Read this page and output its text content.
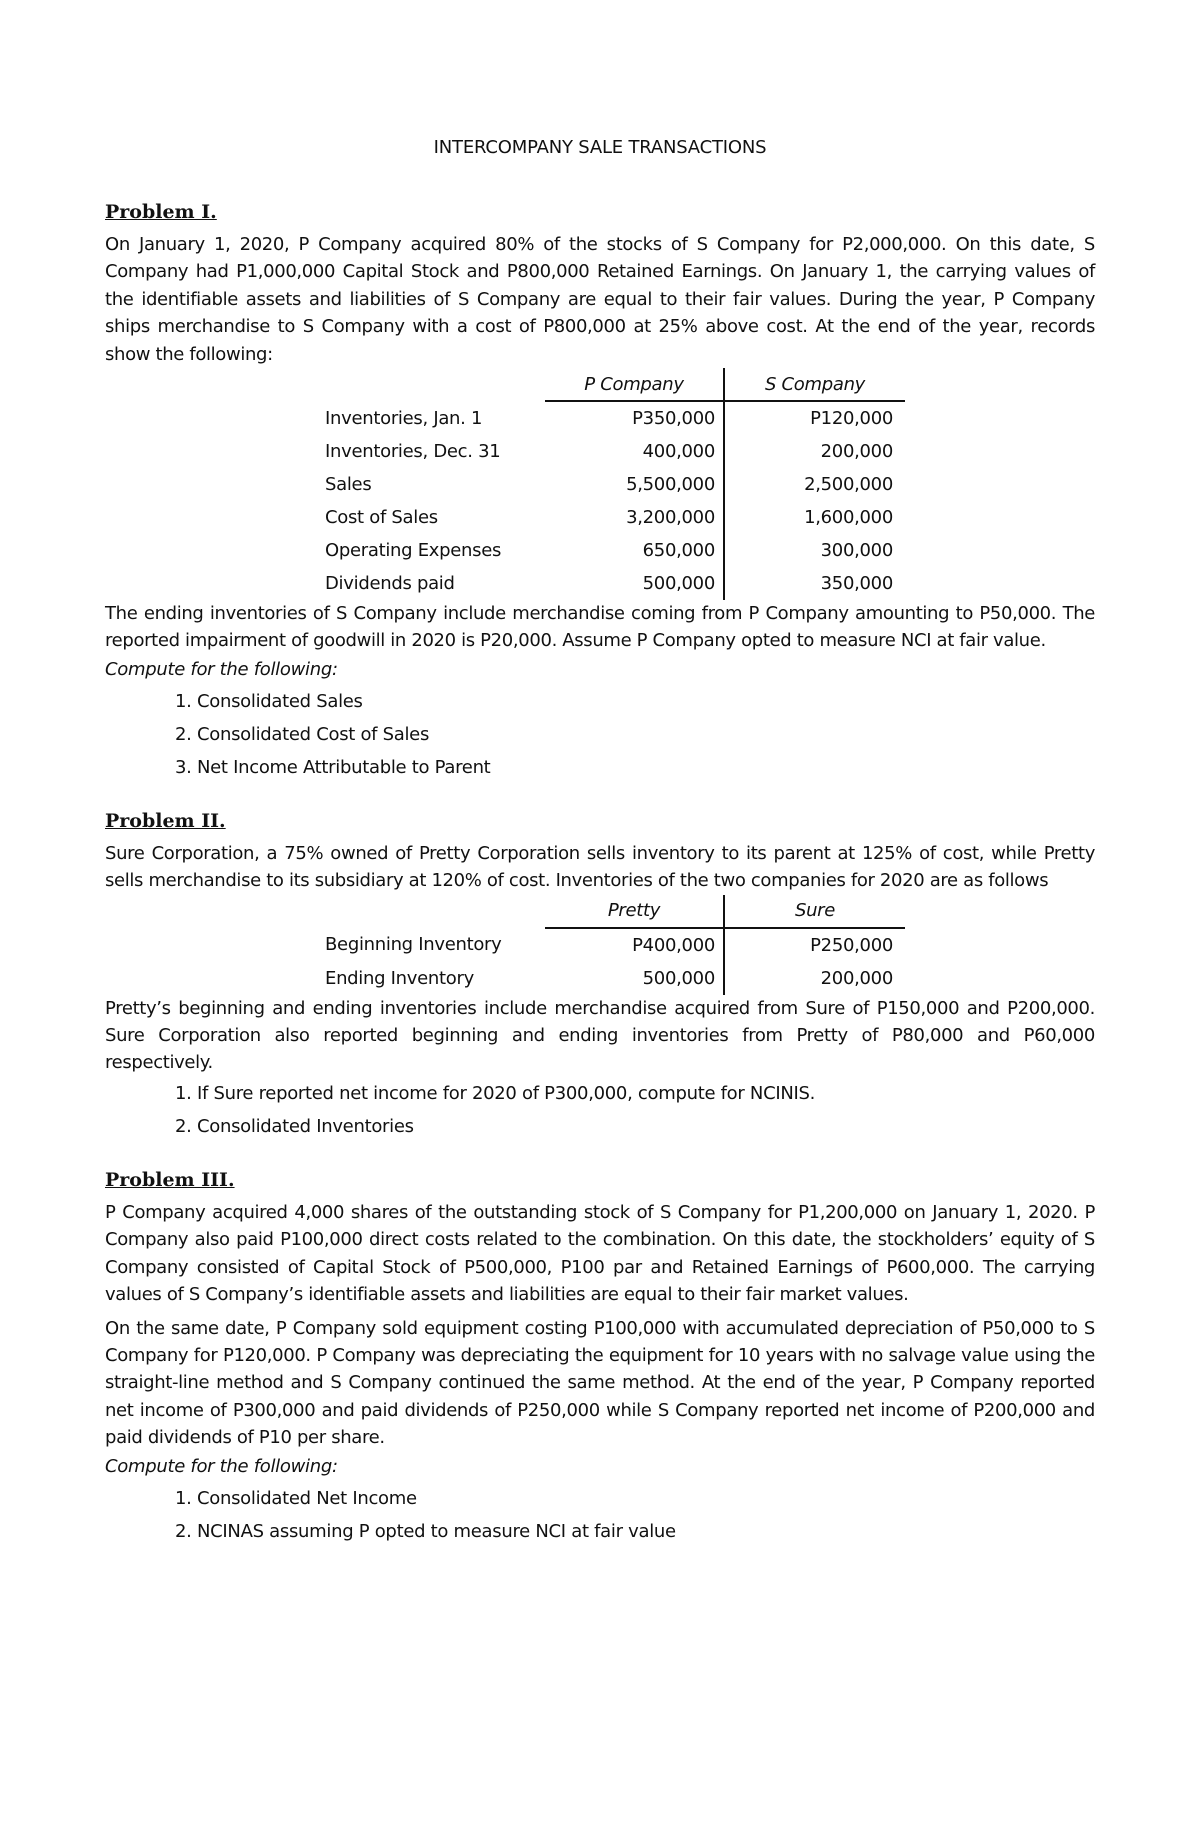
INTERCOMPANY SALE TRANSACTIONS
Problem I.

On January 1, 2020, P Company acquired 80% of the stocks of S Company for P2,000,000. On this date, S Company had P1,000,000 Capital Stock and P800,000 Retained Earnings. On January 1, the carrying values of the identifiable assets and liabilities of S Company are equal to their fair values. During the year, P Company ships merchandise to S Company with a cost of P800,000 at 25% above cost. At the end of the year, records show the following:

	P Company	S Company
Inventories, Jan. 1	P350,000	P120,000
Inventories, Dec. 31	400,000	200,000
Sales	5,500,000	2,500,000
Cost of Sales	3,200,000	1,600,000
Operating Expenses	650,000	300,000
Dividends paid	500,000	350,000

The ending inventories of S Company include merchandise coming from P Company amounting to P50,000. The reported impairment of goodwill in 2020 is P20,000. Assume P Company opted to measure NCI at fair value.

Compute for the following:

1. Consolidated Sales
2. Consolidated Cost of Sales
3. Net Income Attributable to Parent
Problem II.

Sure Corporation, a 75% owned of Pretty Corporation sells inventory to its parent at 125% of cost, while Pretty sells merchandise to its subsidiary at 120% of cost. Inventories of the two companies for 2020 are as follows

	Pretty	Sure
Beginning Inventory	P400,000	P250,000
Ending Inventory	500,000	200,000

Pretty’s beginning and ending inventories include merchandise acquired from Sure of P150,000 and P200,000. Sure Corporation also reported beginning and ending inventories from Pretty of P80,000 and P60,000 respectively.

1. If Sure reported net income for 2020 of P300,000, compute for NCINIS.
2. Consolidated Inventories
Problem III.

P Company acquired 4,000 shares of the outstanding stock of S Company for P1,200,000 on January 1, 2020. P Company also paid P100,000 direct costs related to the combination. On this date, the stockholders’ equity of S Company consisted of Capital Stock of P500,000, P100 par and Retained Earnings of P600,000. The carrying values of S Company’s identifiable assets and liabilities are equal to their fair market values.

On the same date, P Company sold equipment costing P100,000 with accumulated depreciation of P50,000 to S Company for P120,000. P Company was depreciating the equipment for 10 years with no salvage value using the straight-line method and S Company continued the same method. At the end of the year, P Company reported net income of P300,000 and paid dividends of P250,000 while S Company reported net income of P200,000 and paid dividends of P10 per share.

Compute for the following:

1. Consolidated Net Income
2. NCINAS assuming P opted to measure NCI at fair value
